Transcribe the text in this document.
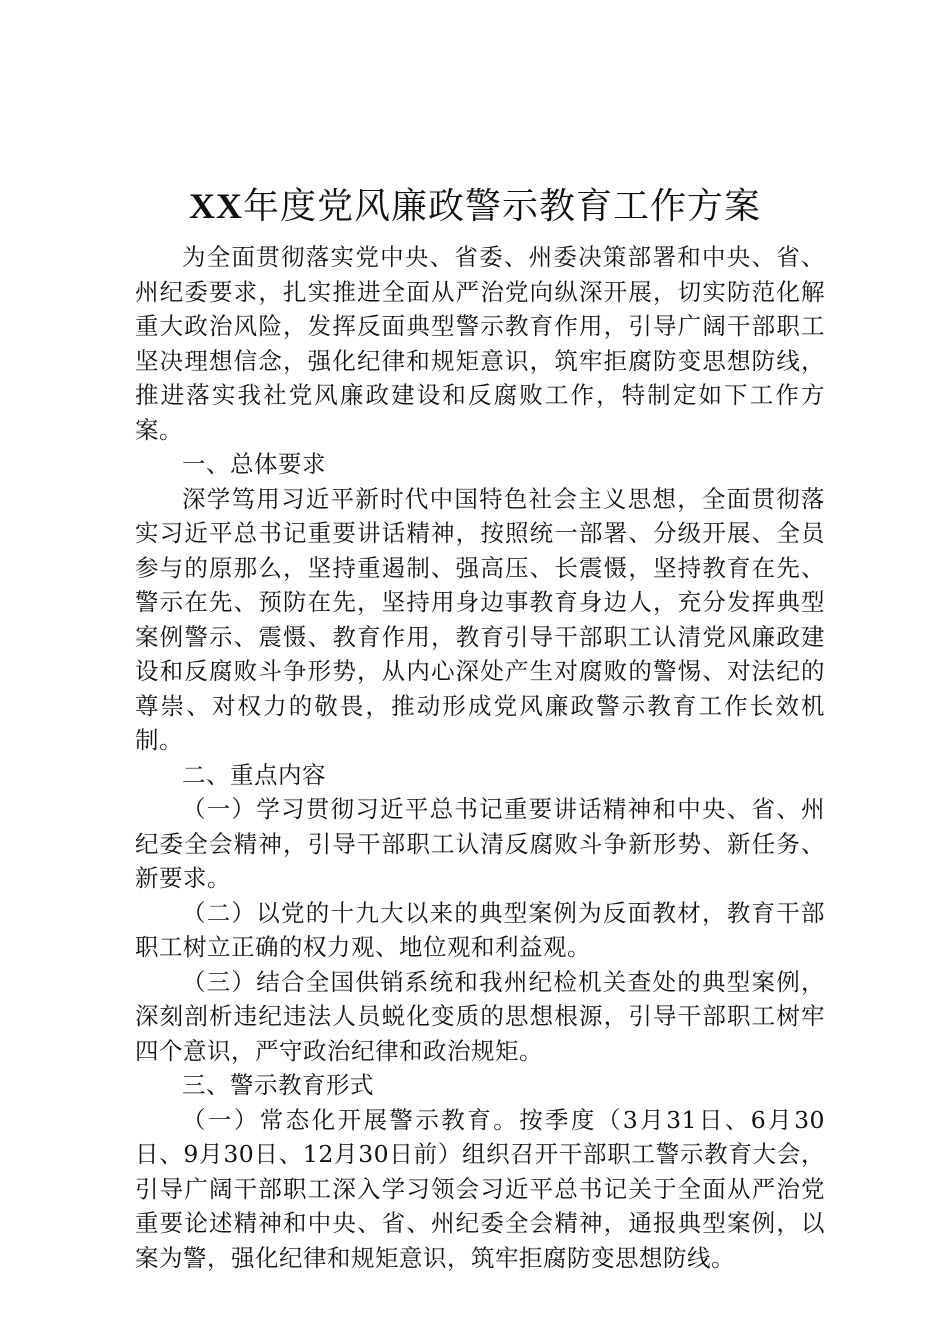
XX年度党风廉政警示教育工作方案

为全面贯彻落实党中央、省委、州委决策部署和中央、省、州纪委要求，扎实推进全面从严治党向纵深开展，切实防范化解重大政治风险，发挥反面典型警示教育作用，引导广阔干部职工坚决理想信念，强化纪律和规矩意识，筑牢拒腐防变思想防线，推进落实我社党风廉政建设和反腐败工作，特制定如下工作方案。

一、总体要求

深学笃用习近平新时代中国特色社会主义思想，全面贯彻落实习近平总书记重要讲话精神，按照统一部署、分级开展、全员参与的原那么，坚持重遏制、强高压、长震慑，坚持教育在先、警示在先、预防在先，坚持用身边事教育身边人，充分发挥典型案例警示、震慑、教育作用，教育引导干部职工认清党风廉政建设和反腐败斗争形势，从内心深处产生对腐败的警惕、对法纪的尊崇、对权力的敬畏，推动形成党风廉政警示教育工作长效机制。

二、重点内容

（一）学习贯彻习近平总书记重要讲话精神和中央、省、州纪委全会精神，引导干部职工认清反腐败斗争新形势、新任务、新要求。

（二）以党的十九大以来的典型案例为反面教材，教育干部职工树立正确的权力观、地位观和利益观。

（三）结合全国供销系统和我州纪检机关查处的典型案例，深刻剖析违纪违法人员蜕化变质的思想根源，引导干部职工树牢四个意识，严守政治纪律和政治规矩。

三、警示教育形式

（一）常态化开展警示教育。按季度（3月31日、6月30日、9月30日、12月30日前）组织召开干部职工警示教育大会，引导广阔干部职工深入学习领会习近平总书记关于全面从严治党重要论述精神和中央、省、州纪委全会精神，通报典型案例，以案为警，强化纪律和规矩意识，筑牢拒腐防变思想防线。
